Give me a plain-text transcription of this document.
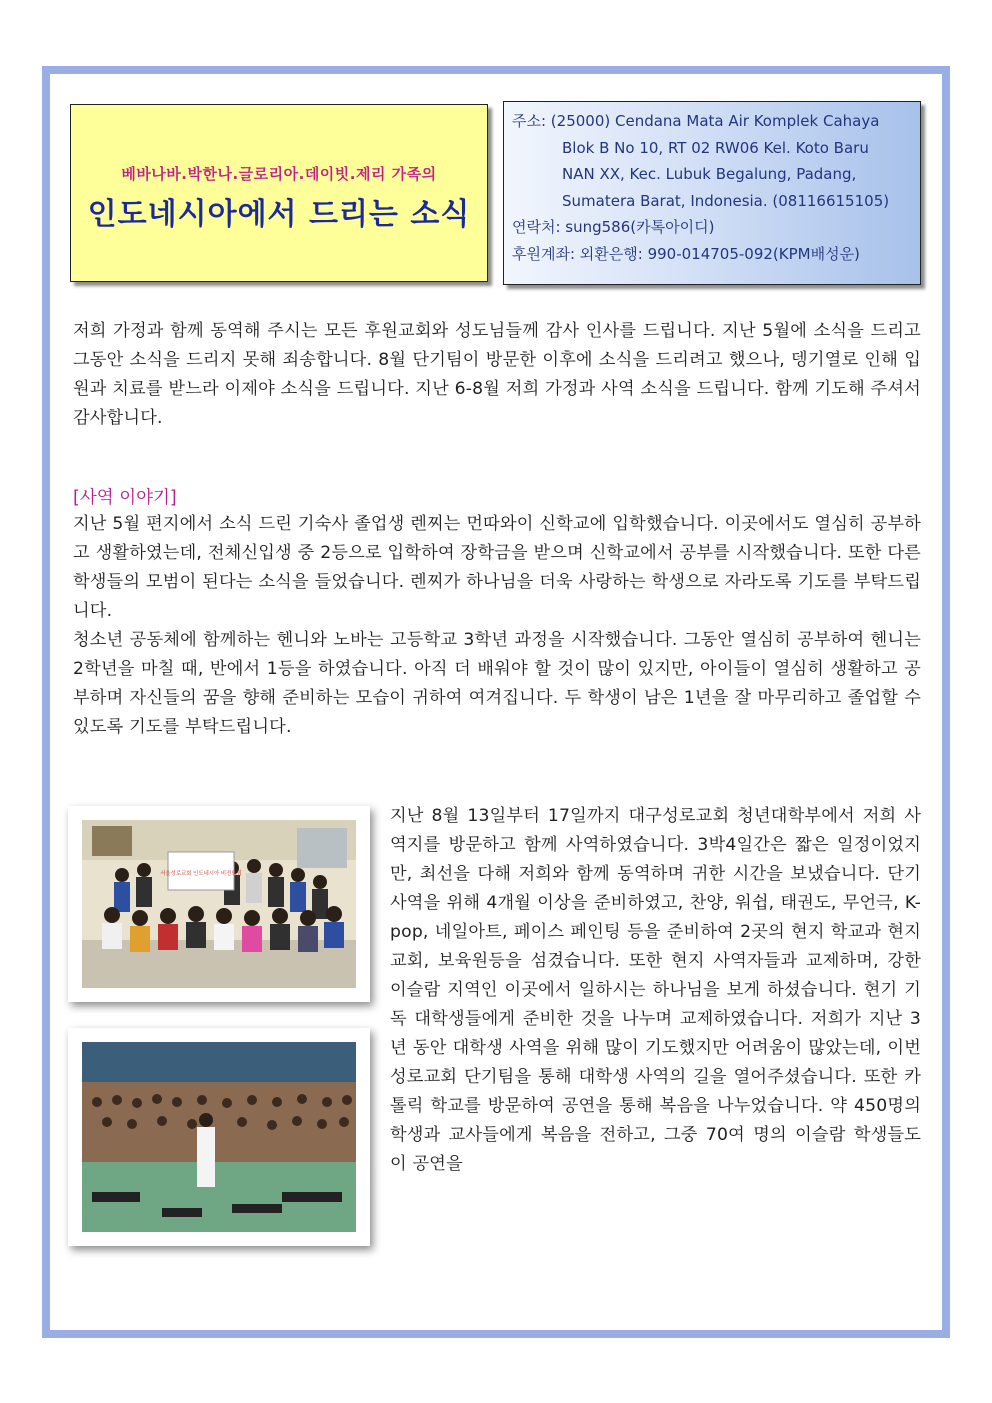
베바나바.박한나.글로리아.데이빗.제리 가족의
인도네시아에서 드리는 소식
주소: (25000) Cendana Mata Air Komplek Cahaya
Blok B No 10, RT 02 RW06 Kel. Koto Baru
NAN XX, Kec. Lubuk Begalung, Padang,
Sumatera Barat, Indonesia. (08116615105)
연락처: sung586(카톡아이디)
후원계좌: 외환은행: 990-014705-092(KPM배성운)
저희 가정과 함께 동역해 주시는 모든 후원교회와 성도님들께 감사 인사를 드립니다. 지난 5월에 소식을 드리고 그동안 소식을 드리지 못해 죄송합니다. 8월 단기팀이 방문한 이후에 소식을 드리려고 했으나, 뎅기열로 인해 입원과 치료를 받느라 이제야 소식을 드립니다. 지난 6-8월 저희 가정과 사역 소식을 드립니다. 함께 기도해 주셔서 감사합니다.
[사역 이야기]
지난 5월 편지에서 소식 드린 기숙사 졸업생 렌찌는 먼따와이 신학교에 입학했습니다. 이곳에서도 열심히 공부하고 생활하였는데, 전체신입생 중 2등으로 입학하여 장학금을 받으며 신학교에서 공부를 시작했습니다. 또한 다른 학생들의 모범이 된다는 소식을 들었습니다. 렌찌가 하나님을 더욱 사랑하는 학생으로 자라도록 기도를 부탁드립니다.
청소년 공동체에 함께하는 헨니와 노바는 고등학교 3학년 과정을 시작했습니다. 그동안 열심히 공부하여 헨니는 2학년을 마칠 때, 반에서 1등을 하였습니다. 아직 더 배워야 할 것이 많이 있지만, 아이들이 열심히 생활하고 공부하며 자신들의 꿈을 향해 준비하는 모습이 귀하여 여겨집니다. 두 학생이 남은 1년을 잘 마무리하고 졸업할 수 있도록 기도를 부탁드립니다.
서울성로교회 인도네시아 비전트립
지난 8월 13일부터 17일까지 대구성로교회 청년대학부에서 저희 사역지를 방문하고 함께 사역하였습니다. 3박4일간은 짧은 일정이었지만, 최선을 다해 저희와 함께 동역하며 귀한 시간을 보냈습니다. 단기 사역을 위해 4개월 이상을 준비하였고, 찬양, 워쉽, 태권도, 무언극, K-pop, 네일아트, 페이스 페인팅 등을 준비하여 2곳의 현지 학교과 현지 교회, 보육원등을 섬겼습니다. 또한 현지 사역자들과 교제하며, 강한 이슬람 지역인 이곳에서 일하시는 하나님을 보게 하셨습니다. 현기 기독 대학생들에게 준비한 것을 나누며 교제하였습니다. 저희가 지난 3년 동안 대학생 사역을 위해 많이 기도했지만 어려움이 많았는데, 이번 성로교회 단기팀을 통해 대학생 사역의 길을 열어주셨습니다. 또한 카톨릭 학교를 방문하여 공연을 통해 복음을 나누었습니다. 약 450명의 학생과 교사들에게 복음을 전하고, 그중 70여 명의 이슬람 학생들도 이 공연을
